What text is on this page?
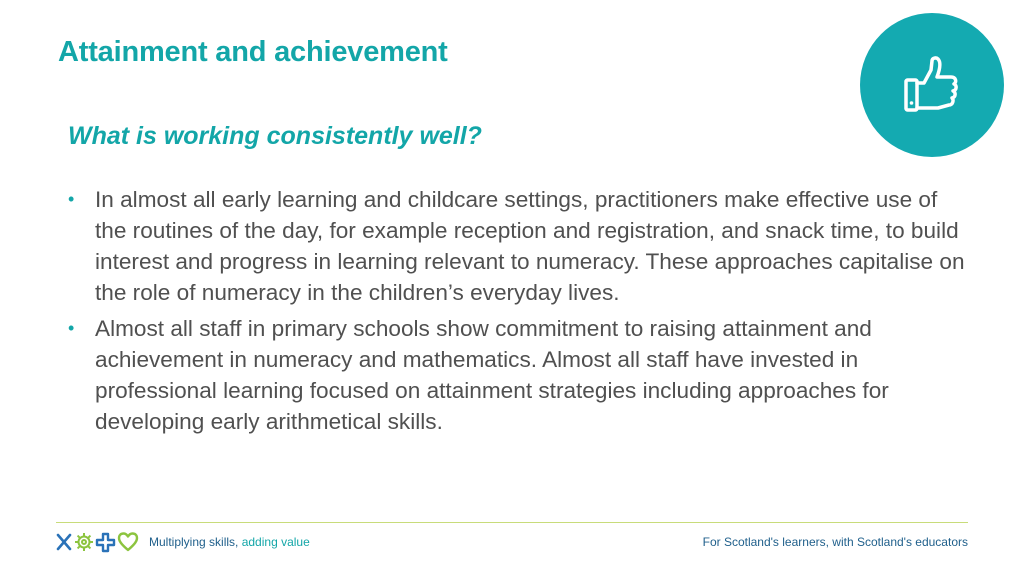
Attainment and achievement
What is working consistently well?
• In almost all early learning and childcare settings, practitioners make effective use of the routines of the day, for example reception and registration, and snack time, to build interest and progress in learning relevant to numeracy. These approaches capitalise on the role of numeracy in the children’s everyday lives.
• Almost all staff in primary schools show commitment to raising attainment and achievement in numeracy and mathematics. Almost all staff have invested in professional learning focused on attainment strategies including approaches for developing early arithmetical skills.
Multiplying skills, adding value	For Scotland's learners, with Scotland's educators
